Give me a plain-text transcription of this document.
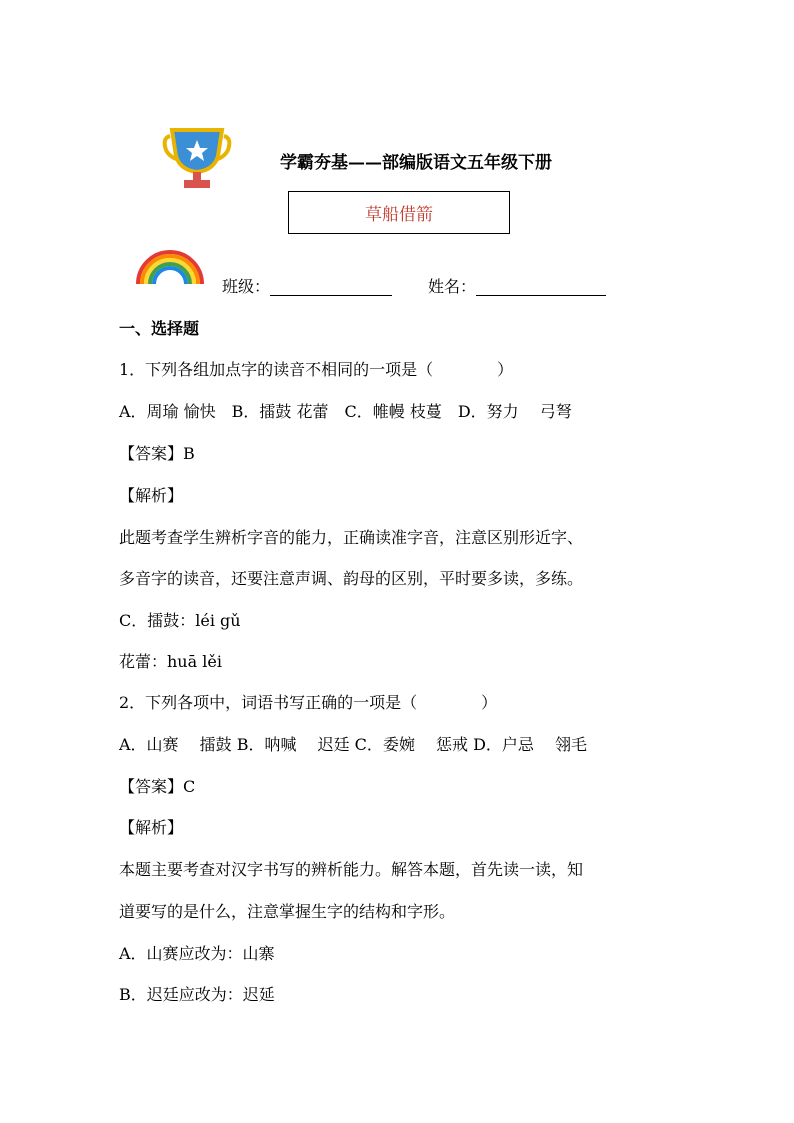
学霸夯基——部编版语文五年级下册
草船借箭
班级：	姓名：
一、选择题
1．下列各组加点字的读音不相同的一项是（　　　　）
A．周瑜 愉快　B．擂鼓 花蕾　C．帷幔 枝蔓　D．努力　 弓弩
【答案】B
【解析】
此题考查学生辨析字音的能力，正确读准字音，注意区别形近字、
多音字的读音，还要注意声调、韵母的区别，平时要多读，多练。
C．擂鼓：léi gǔ
花蕾：huā lěi
2．下列各项中，词语书写正确的一项是（　　　　）
A．山赛　 擂鼓 B．呐喊　 迟廷 C．委婉　 惩戒 D．户忌　 翎毛
【答案】C
【解析】
本题主要考查对汉字书写的辨析能力。解答本题，首先读一读，知
道要写的是什么，注意掌握生字的结构和字形。
A．山赛应改为：山寨
B．迟廷应改为：迟延
